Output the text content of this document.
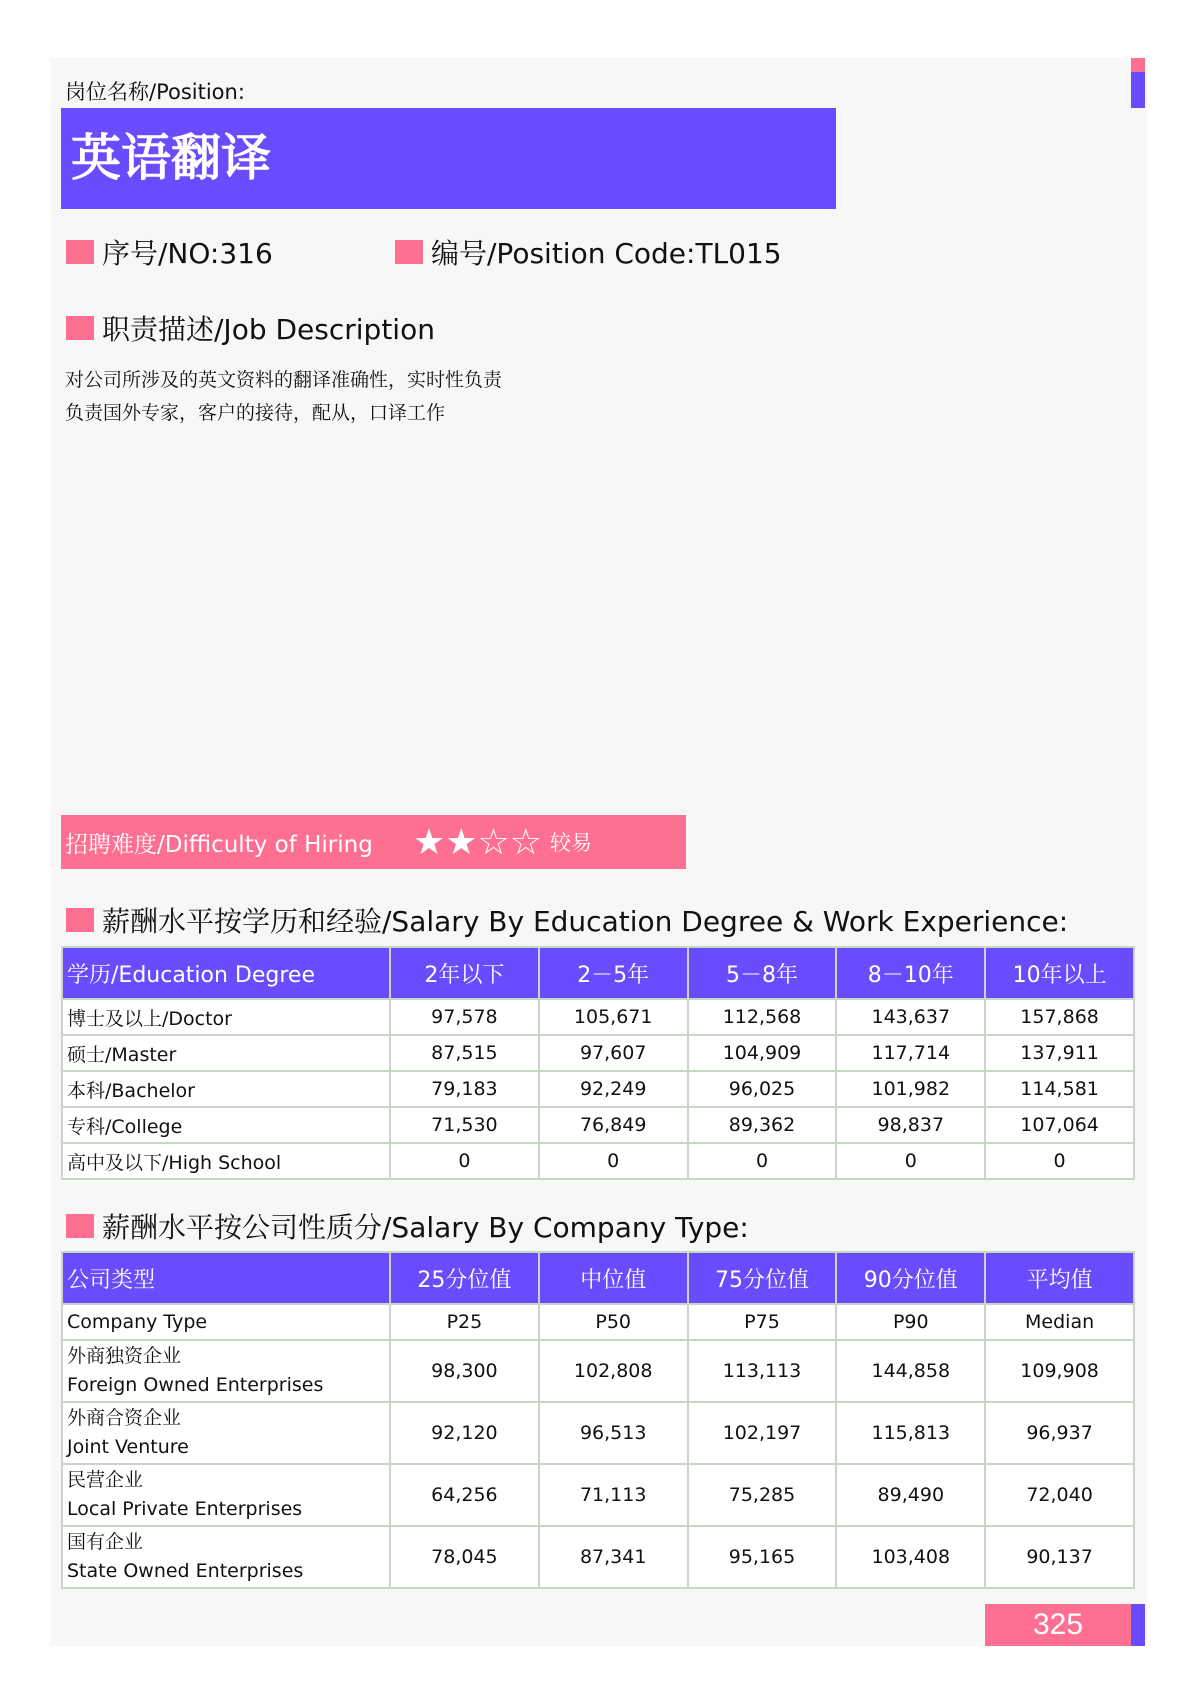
岗位名称/Position:
英语翻译
序号/NO:316	编号/Position Code:TL015
职责描述/Job Description
对公司所涉及的英文资料的翻译准确性，实时性负责
负责国外专家，客户的接待，配从，口译工作
招聘难度/Difficulty of Hiring ★ ★ ☆ ☆ 较易
薪酬水平按学历和经验/Salary By Education Degree & Work Experience:
学历/Education Degree	2年以下	2－5年	5－8年	8－10年	10年以上
博士及以上/Doctor	97,578	105,671	112,568	143,637	157,868
硕士/Master	87,515	97,607	104,909	117,714	137,911
本科/Bachelor	79,183	92,249	96,025	101,982	114,581
专科/College	71,530	76,849	89,362	98,837	107,064
高中及以下/High School	0	0	0	0	0
薪酬水平按公司性质分/Salary By Company Type:
公司类型	25分位值	中位值	75分位值	90分位值	平均值
Company Type	P25	P50	P75	P90	Median

外商独资企业
Foreign Owned Enterprises	98,300	102,808	113,113	144,858	109,908

外商合资企业
Joint Venture	92,120	96,513	102,197	115,813	96,937

民营企业
Local Private Enterprises	64,256	71,113	75,285	89,490	72,040

国有企业
State Owned Enterprises	78,045	87,341	95,165	103,408	90,137
325
